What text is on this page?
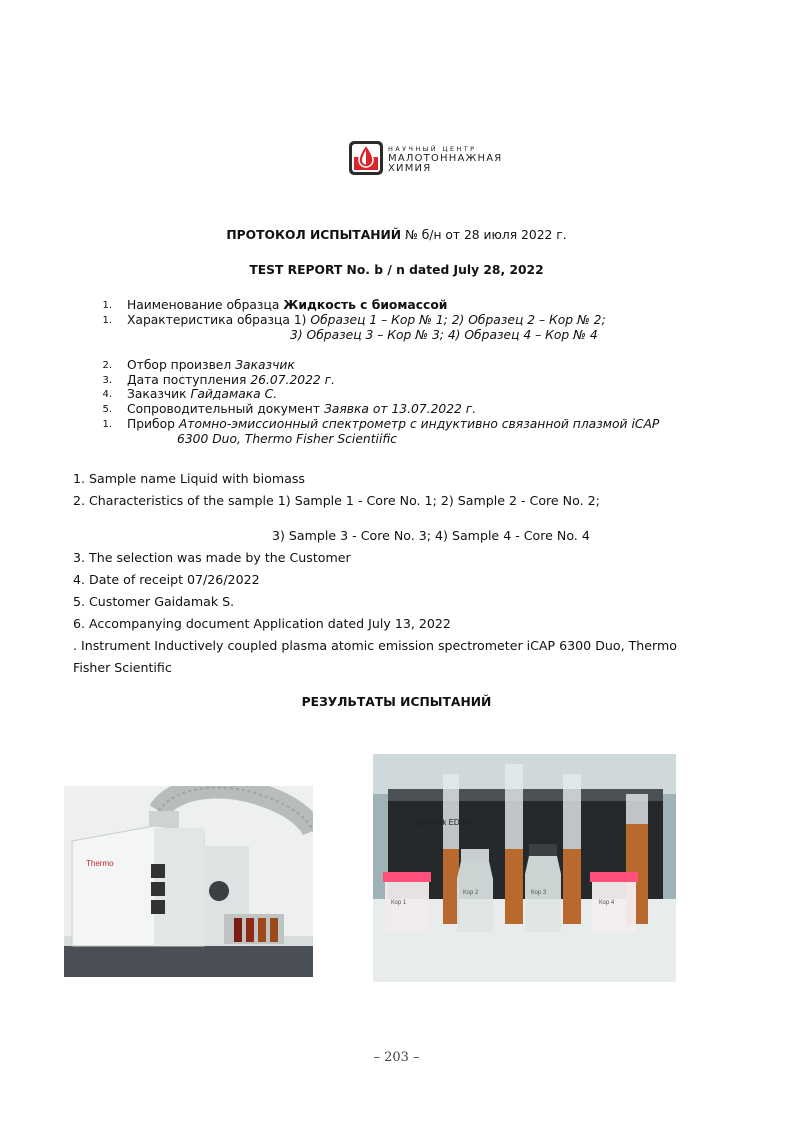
НАУЧНЫЙ ЦЕНТР
МАЛОТОННАЖНАЯ
ХИМИЯ
ПРОТОКОЛ ИСПЫТАНИЙ № б/н от 28 июля 2022 г.
TEST REPORT No. b / n dated July 28, 2022
1. Наименование образца Жидкость с биомассой
1. Характеристика образца 1) Образец 1 – Кор № 1; 2) Образец 2 – Кор № 2;
3) Образец 3 – Кор № 3; 4) Образец 4 – Кор № 4
2. Отбор произвел Заказчик
3. Дата поступления 26.07.2022 г.
4. Заказчик Гайдамака С.
5. Сопроводительный документ Заявка от 13.07.2022 г.
1. Прибор Атомно-эмиссионный спектрометр с индуктивно связанной плазмой iCAP
6300 Duo, Thermo Fisher Scientiific
1. Sample name Liquid with biomass
2. Characteristics of the sample 1) Sample 1 - Core No. 1; 2) Sample 2 - Core No. 2;
3) Sample 3 - Core No. 3; 4) Sample 4 - Core No. 4
3. The selection was made by the Customer
4. Date of receipt 07/26/2022
5. Customer Gaidamak S.
6. Accompanying document Application dated July 13, 2022
. Instrument Inductively coupled plasma atomic emission spectrometer iCAP 6300 Duo, Thermo
Fisher Scientific
РЕЗУЛЬТАТЫ ИСПЫТАНИЙ
Thermo
DigiBlock ED365
Кор 1
Кор 2	Кор 3
Кор 4
– 203 –
